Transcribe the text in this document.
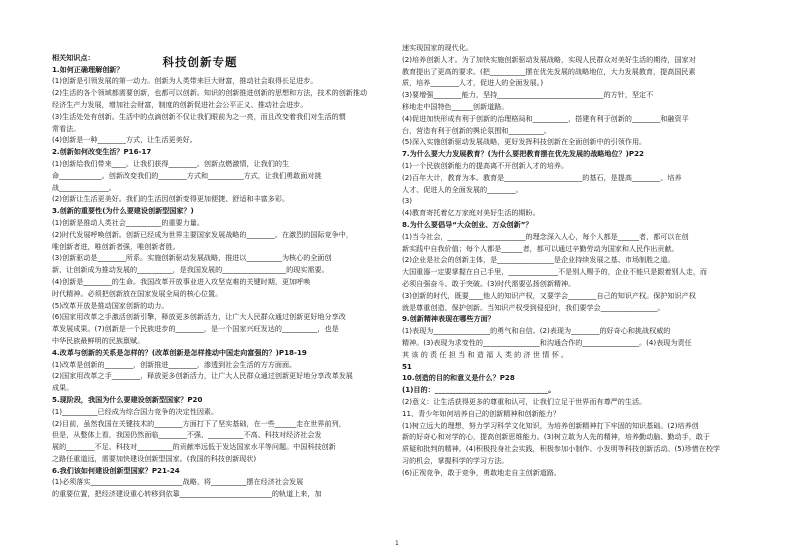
科技创新专题
相关知识点：
1.如何正确理解创新？
(1)创新是引领发展的第一动力。创新为人类带来巨大财富，推动社会取得长足进步。
(2)生活的各个领域都需要创新，也都可以创新。知识的创新推进创新的思想和方法，技术的创新推动
经济生产力发展，增加社会财富，制度的创新促进社会公平正义、推动社会进步。
(3)生活处处有创新。生活中的点滴创新不仅让我们眼前为之一亮，而且改变着我们对生活的惯
常看法。
(4)创新是一种________方式，让生活更美好。
2.创新如何改变生活？P16-17
(1)创新给我们带来____。让我们获得________。创新点燃激情，让我们的生
命____________。创新改变我们的________方式和__________方式，让我们勇敢面对挑
战______________。
(2)创新让生活更美好。我们的生活因创新变得更加便捷、舒适和丰富多彩。
3.创新的重要性(为什么要建设创新型国家？)
(1)创新是推动人类社会__________的重要力量。
(2)时代发展呼唤创新。创新已经成为世界主要国家发展战略的________。在激烈的国际竞争中，
唯创新者进，唯创新者强，唯创新者胜。
(3)创新驱动是________所系。实施创新驱动发展战略，推进以__________为核心的全面创
新，让创新成为推动发展的__________，是我国发展的__________________的现实需要。
(4)创新是________的生命。我国改革开放事业进入攻坚克难的关键时期，更加呼唤
时代精神。必须把创新放在国家发展全局的核心位置。
(5)改革开放是推动国家创新的动力。
(6)国家用改革之手激活创新引擎，释放更多创新活力，让广大人民群众通过创新更好地分享改
革发展成果。(7)创新是一个民族进步的________，是一个国家兴旺发达的__________，也是
中华民族最鲜明的民族禀赋。
4.改革与创新的关系是怎样的？(改革创新是怎样推动中国走向富强的？)P18-19
(1)改革是创新的________，创新推进________，渗透到社会生活的方方面面。
(2)国家用改革之手________，释放更多创新活力，让广大人民群众通过创新更好地分享改革发展
成果。
5.现阶段，我国为什么要建设创新型国家？P20
(1)__________已经成为综合国力竞争的决定性因素。
(2)目前，虽然我国在关键技术的________方面打下了坚实基础，在一些______走在世界前列，
但是，从整体上看，我国仍然面临________不强、__________不高、科技对经济社会发
展的________不足、科技对__________的贡献率远低于发达国家水平等问题。中国科技创新
之路任重道远，需要加快建设创新型国家。(我国的科技创新现状)
6.我们该如何建设创新型国家？P21-24
(1)必须落实__________________________战略，将__________摆在经济社会发展
的重要位置，把经济建设重心转移到依靠__________________________的轨道上来，加
速实现国家的现代化。
(2)培养创新人才。为了加快实施创新驱动发展战略，实现人民群众对美好生活的期待，国家对
教育提出了更高的要求。(把__________摆在优先发展的战略地位，大力发展教育，提高国民素
质，培养________人才，促进人的全面发展。)
(3)要增强________能力，坚持______________________________的方针，坚定不
移地走中国特色______创新道路。
(4)促进加快形成有利于创新的治理格局和__________，搭建有利于创新的________和融资平
台，营造有利于创新的舆论氛围和__________。
(5)深入实施创新驱动发展战略，更好发挥科技创新在全面创新中的引领作用。
7.为什么要大力发展教育？(为什么要把教育摆在优先发展的战略地位？)P22
(1)一个民族创新能力的提高离不开创新人才的培养。
(2)百年大计，教育为本。教育是______________________的基石，是提高________、培养
人才、促进人的全面发展的________。
(3)
(4)教育寄托着亿万家庭对美好生活的期盼。
8.为什么要倡导“大众创业、万众创新”？
(1)当今社会，______________________的理念深入人心，每个人都是______者，都可以在创
新实践中自我价值；每个人都是______者，都可以通过辛勤劳动为国家和人民作出贡献。
(2)企业是社会的创新主体，是________________是企业持续发展之基、市场制胜之道。
大国重器一定要掌握在自己手里，______________不是别人赐予的，企业不能只是跟着别人走，而
必须自强奋斗、敢于突破。(3)时代需要弘扬创新精神。
(3)创新的时代，既要____他人的知识产权，又要学会________自己的知识产权。保护知识产权
就是尊重创造、保护创新。当知识产权受到侵犯时，我们要学会________________。
9.创新精神表现在哪些方面？
(1)表现为________________的勇气和自信。(2)表现为________的好奇心和挑战权威的
精神。(3)表现为求变性的________________和沟通合作的________________。(4)表现为责任
其 该 的 责 任 担 当 和 造 福 人 类 的 济 世 情 怀 。
51
10.创造的目的和意义是什么？P28
(1)目的：________________________________。
(2)意义：让生活获得更多的尊重和认可，让我们立足于世界而有尊严的生活。
11、青少年如何培养自己的创新精神和创新能力？
(1)树立远大的理想，努力学习科学文化知识，为培养创新精神打下牢固的知识基础。(2)培养创
新的好奇心和对学的心，提高创新思维能力。(3)树立敢为人先的精神，培养勤动脑、勤动手，敢于
质疑和批判的精神。(4)积极投身社会实践，积极参加小制作、小发明等科技创新活动。(5)珍惜在校学
习的机会，掌握科学的学习方法。
(6)正视竞争，敢于竞争，勇敢地走自主创新道路。
1
